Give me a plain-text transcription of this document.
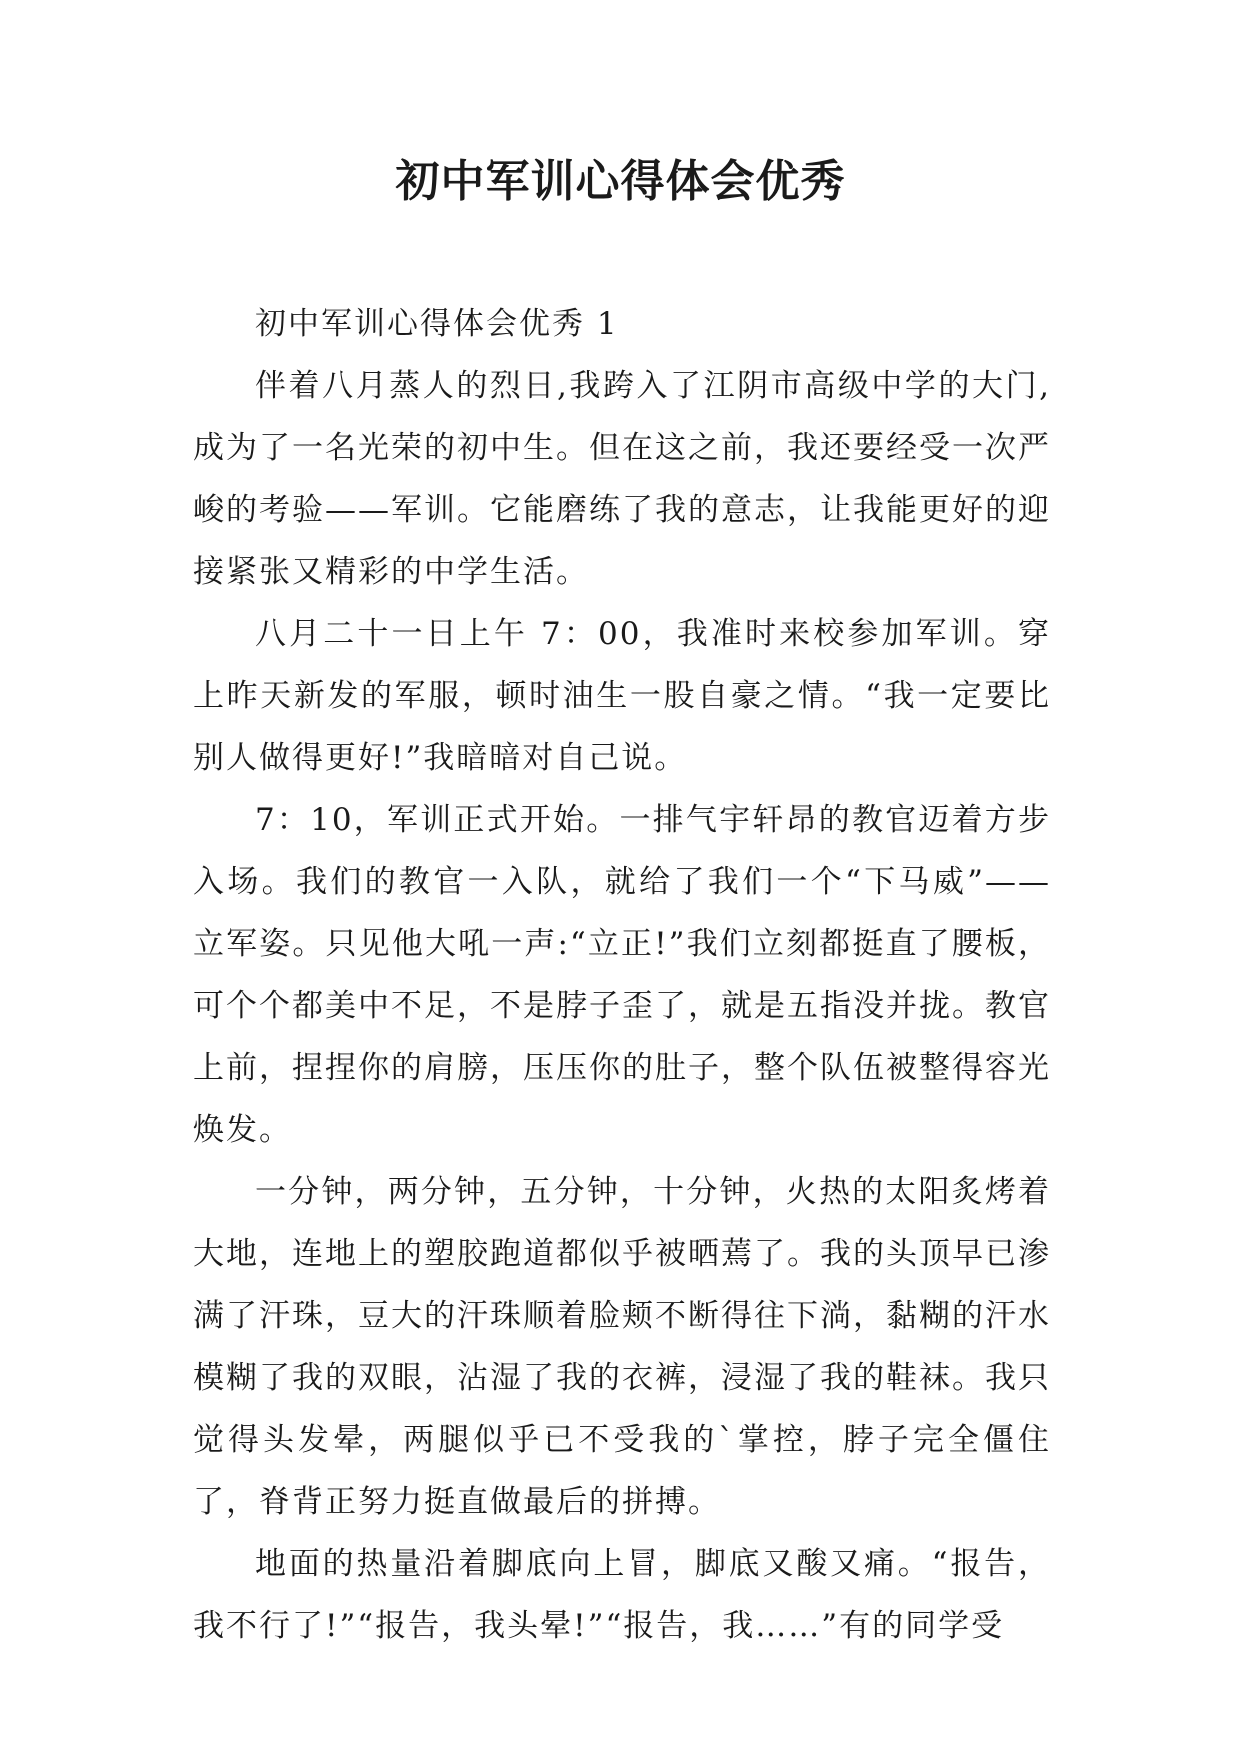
初中军训心得体会优秀

初中军训心得体会优秀 1

伴着八月蒸人的烈日,我跨入了江阴市高级中学的大门,成为了一名光荣的初中生。但在这之前，我还要经受一次严峻的考验——军训。它能磨练了我的意志，让我能更好的迎接紧张又精彩的中学生活。

八月二十一日上午 7：00，我准时来校参加军训。穿上昨天新发的军服，顿时油生一股自豪之情。“我一定要比别人做得更好!”我暗暗对自己说。

7：10，军训正式开始。一排气宇轩昂的教官迈着方步入场。我们的教官一入队，就给了我们一个“下马威”——立军姿。只见他大吼一声:“立正!”我们立刻都挺直了腰板，可个个都美中不足，不是脖子歪了，就是五指没并拢。教官上前，捏捏你的肩膀，压压你的肚子，整个队伍被整得容光焕发。

一分钟，两分钟，五分钟，十分钟，火热的太阳炙烤着大地，连地上的塑胶跑道都似乎被晒蔫了。我的头顶早已渗满了汗珠，豆大的汗珠顺着脸颊不断得往下淌，黏糊的汗水模糊了我的双眼，沾湿了我的衣裤，浸湿了我的鞋袜。我只觉得头发晕，两腿似乎已不受我的`掌控，脖子完全僵住了，脊背正努力挺直做最后的拼搏。

地面的热量沿着脚底向上冒，脚底又酸又痛。“报告，我不行了!”“报告，我头晕!”“报告，我……”有的同学受
